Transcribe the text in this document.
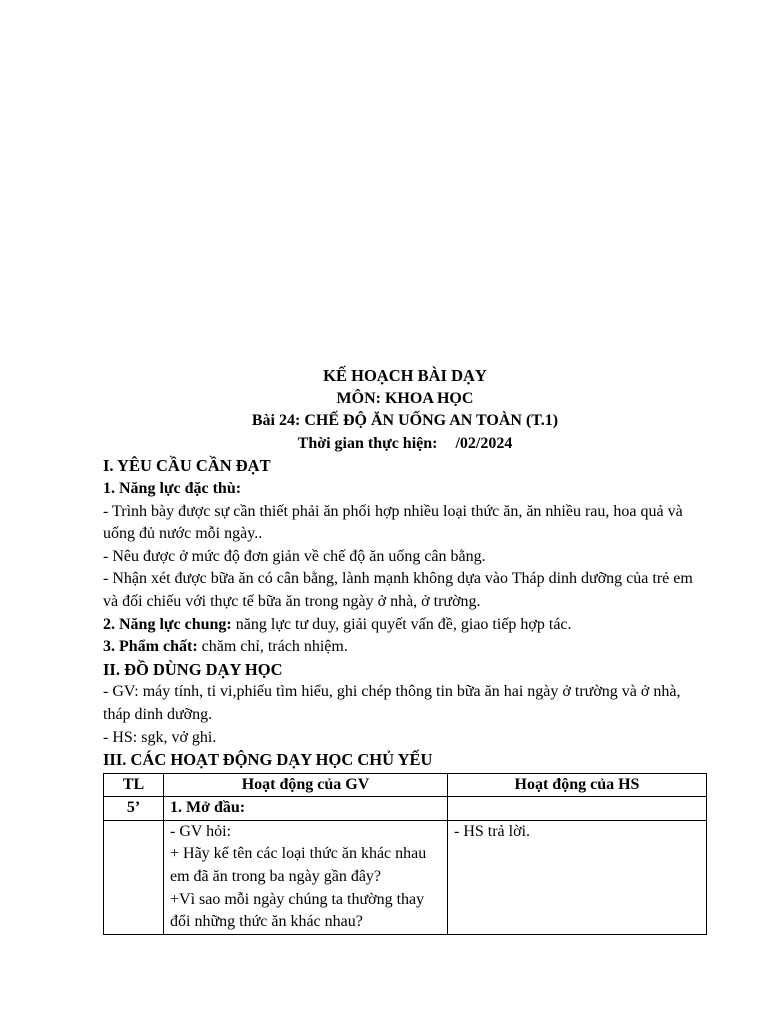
KẾ HOẠCH BÀI DẠY

MÔN: KHOA HỌC

Bài 24: CHẾ ĐỘ ĂN UỐNG AN TOÀN (T.1)

Thời gian thực hiện: /02/2024

I. YÊU CẦU CẦN ĐẠT

1. Năng lực đặc thù:

- Trình bày được sự cần thiết phải ăn phối hợp nhiều loại thức ăn, ăn nhiều rau, hoa quả và uống đủ nước mỗi ngày..

- Nêu được ở mức độ đơn giản về chế độ ăn uống cân bằng.

- Nhận xét được bữa ăn có cân bằng, lành mạnh không dựa vào Tháp dinh dưỡng của trẻ em và đối chiếu với thực tế bữa ăn trong ngày ở nhà, ở trường.

2. Năng lực chung: năng lực tư duy, giải quyết vấn đề, giao tiếp hợp tác.

3. Phẩm chất: chăm chỉ, trách nhiệm.

II. ĐỒ DÙNG DẠY HỌC

- GV: máy tính, ti vi,phiếu tìm hiểu, ghi chép thông tin bữa ăn hai ngày ở trường và ở nhà, tháp dinh dưỡng.

- HS: sgk, vở ghi.

III. CÁC HOẠT ĐỘNG DẠY HỌC CHỦ YẾU

TL	Hoạt động của GV	Hoạt động của HS
5’	1. Mở đầu:	

	- GV hỏi:

+ Hãy kể tên các loại thức ăn khác nhau em đã ăn trong ba ngày gần đây?

+Vì sao mỗi ngày chúng ta thường thay đổi những thức ăn khác nhau?	- HS trả lời.
